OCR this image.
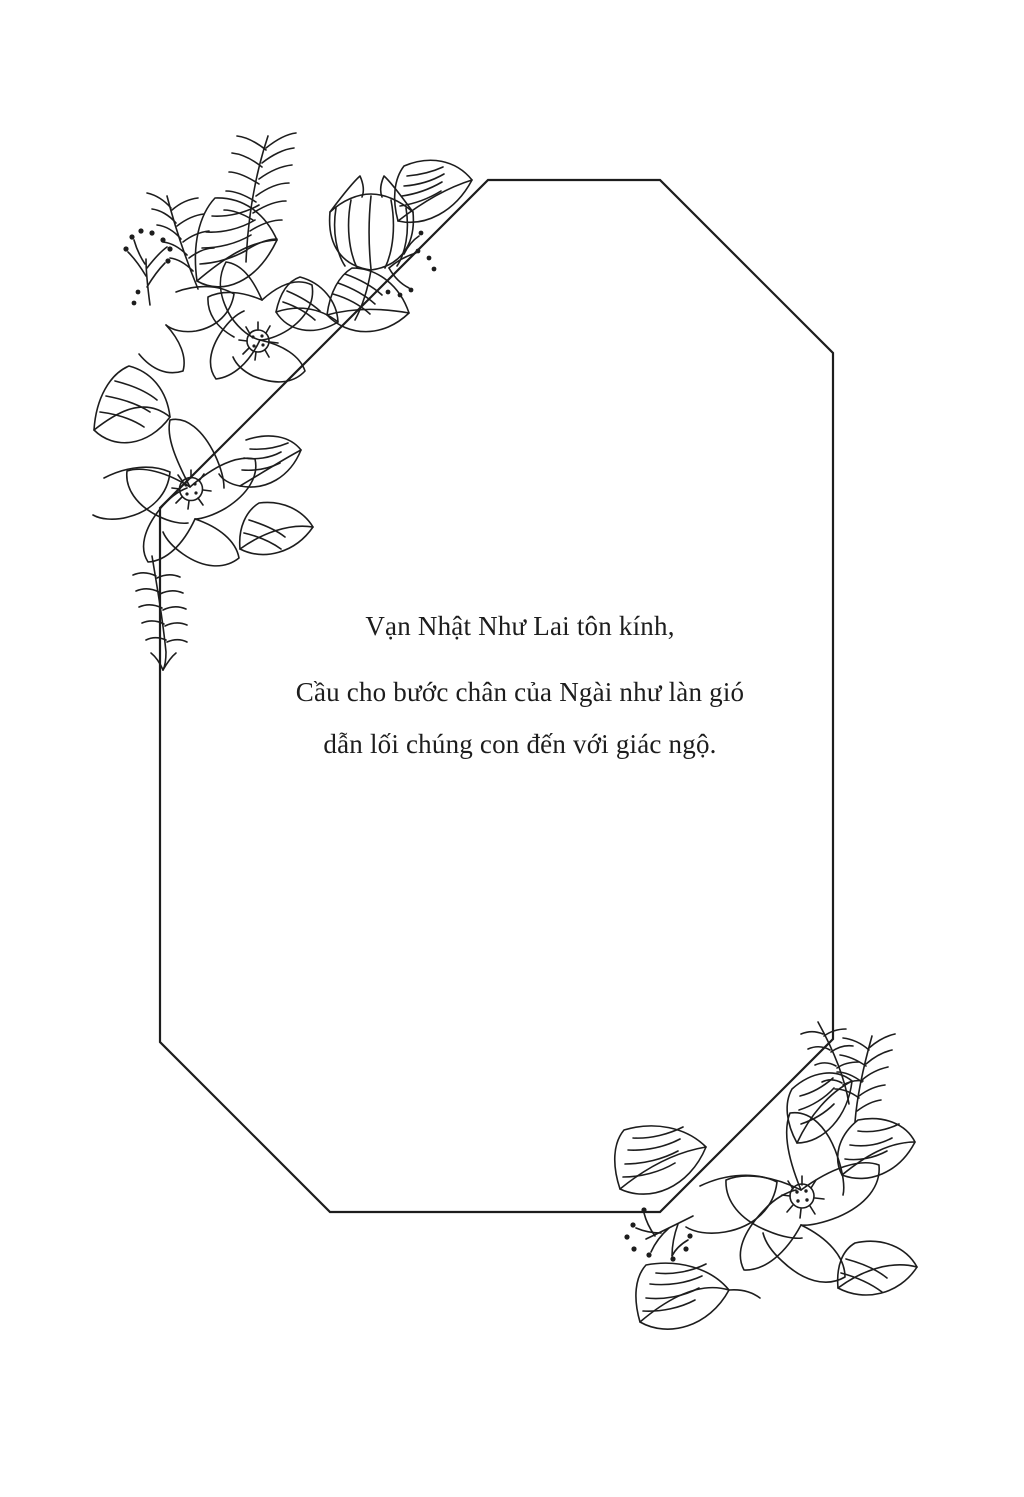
Vạn Nhật Như Lai tôn kính,
Cầu cho bước chân của Ngài như làn gió
dẫn lối chúng con đến với giác ngộ.
